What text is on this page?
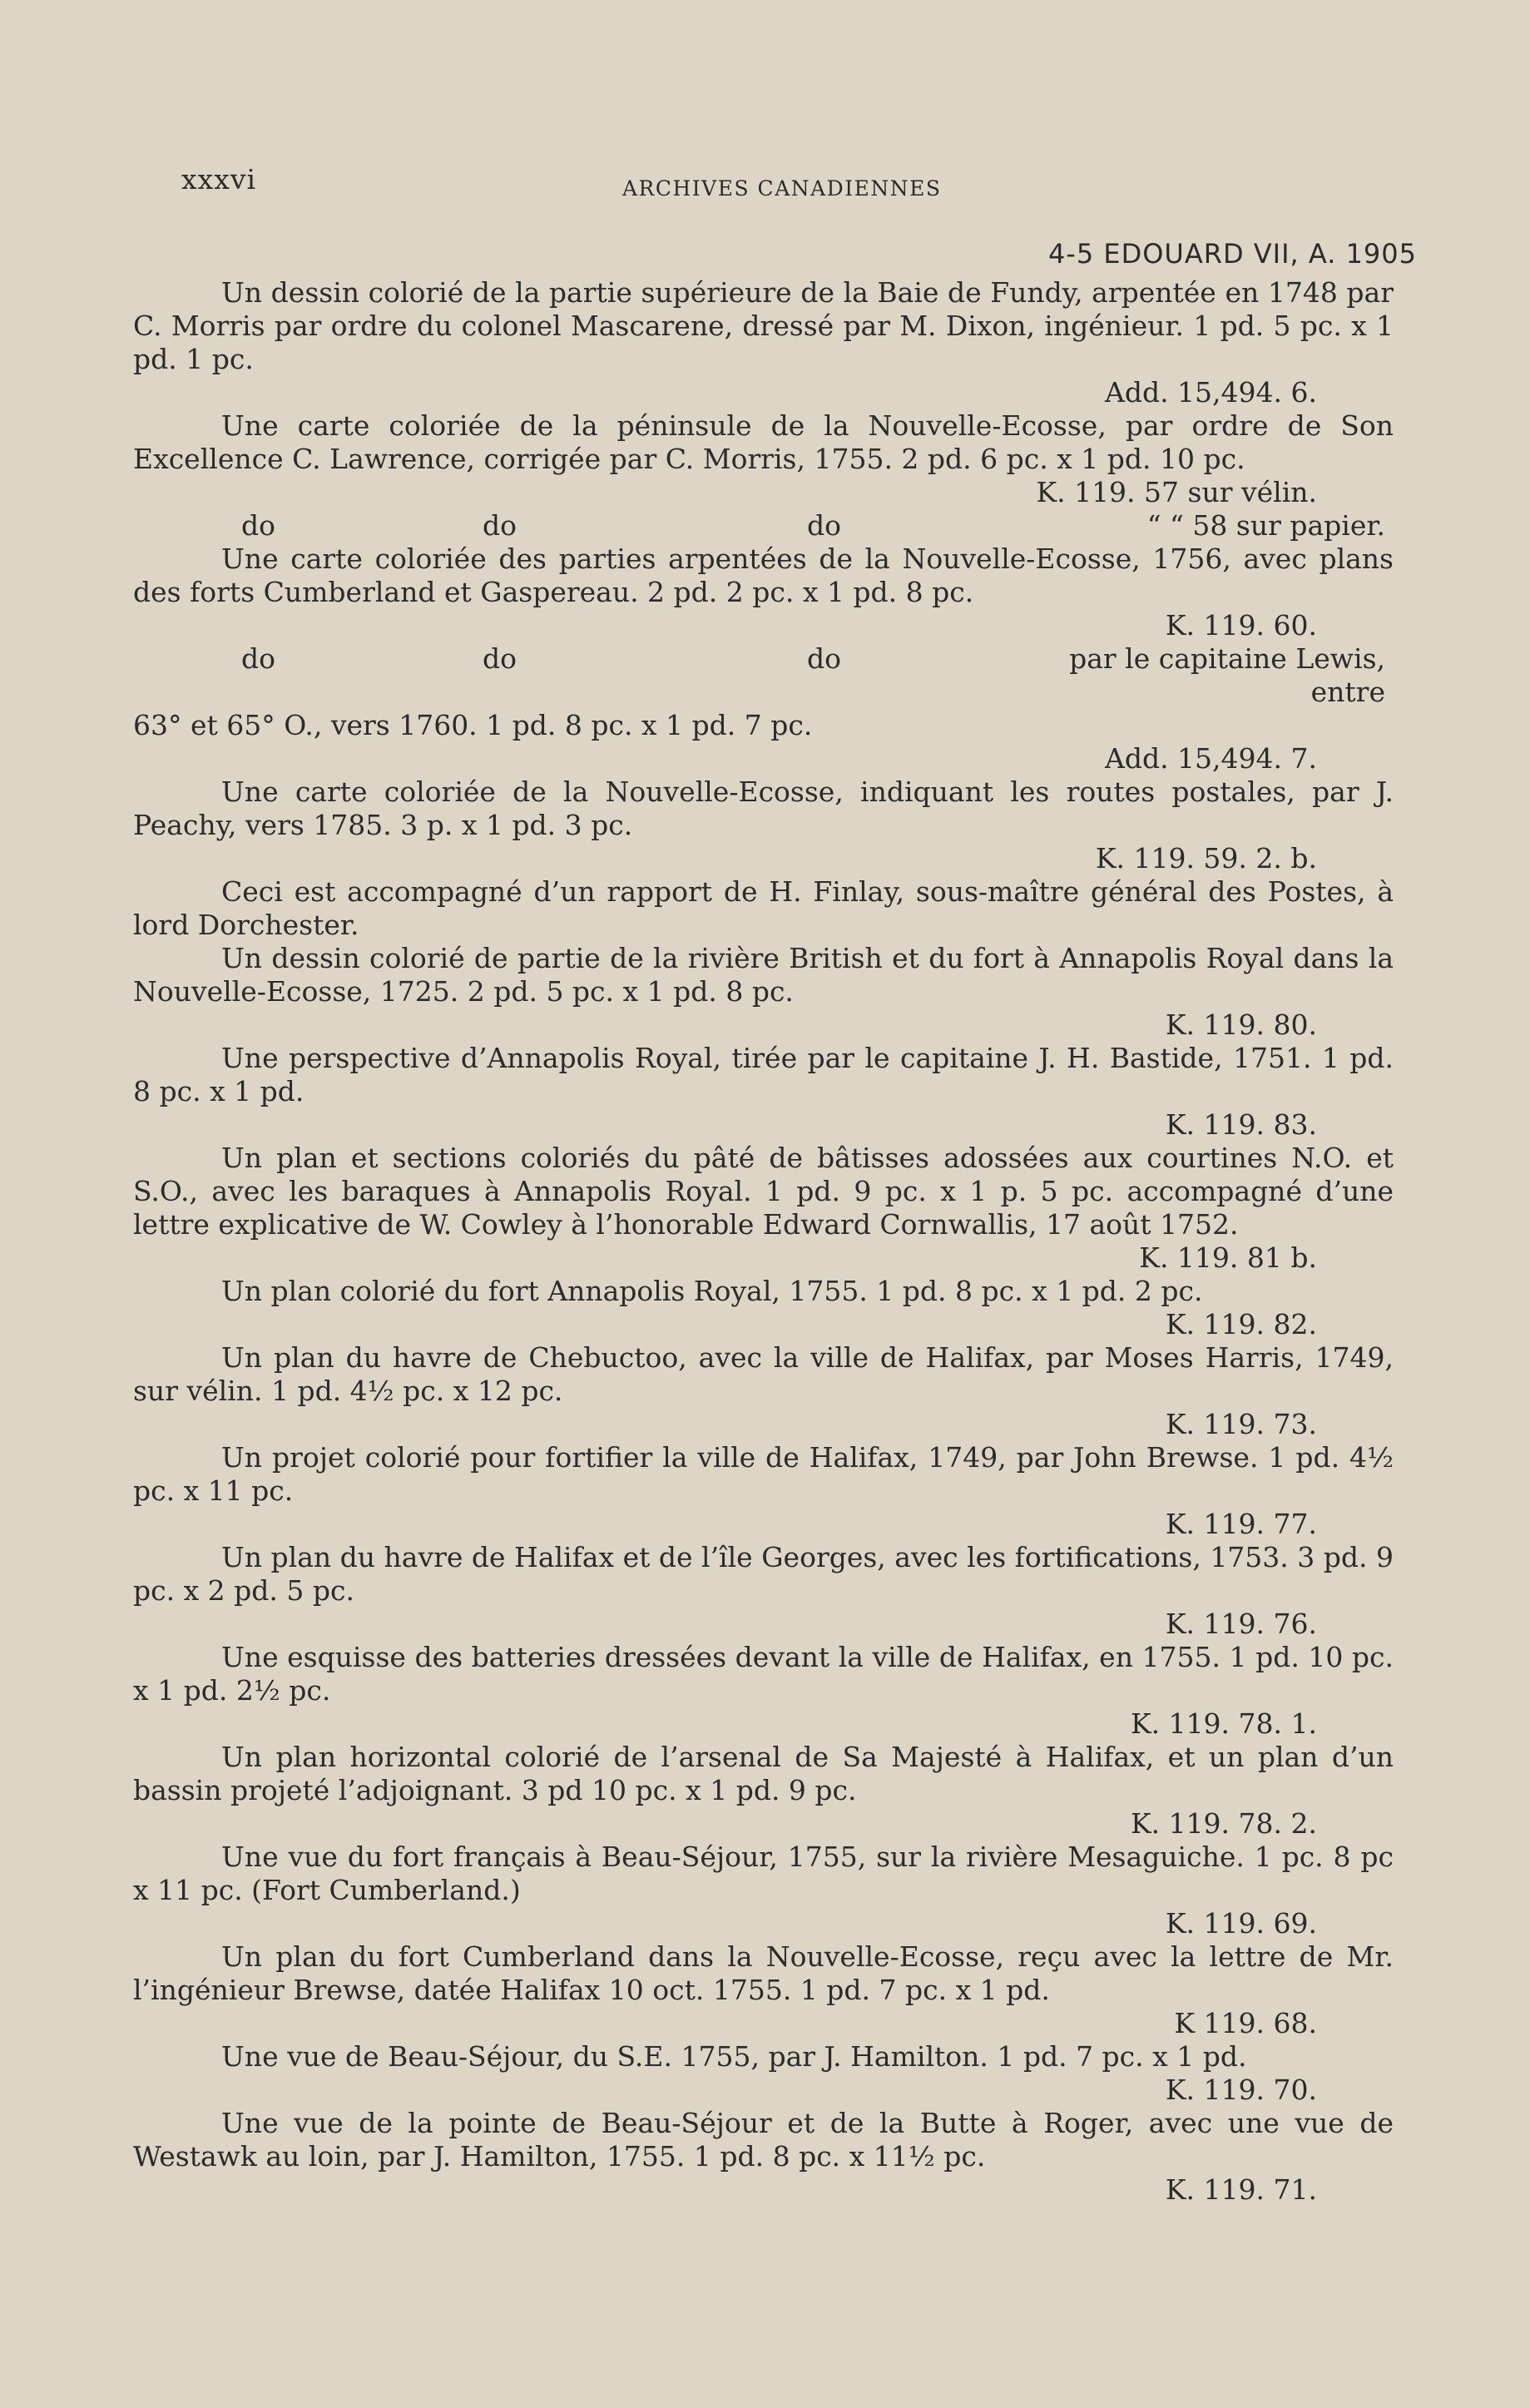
xxxvi	ARCHIVES CANADIENNES
4-5 EDOUARD VII, A. 1905

Un dessin colorié de la partie supérieure de la Baie de Fundy, arpentée en 1748 par C. Morris par ordre du colonel Mascarene, dressé par M. Dixon, ingénieur. 1 pd. 5 pc. x 1 pd. 1 pc.

Add. 15,494. 6.

Une carte coloriée de la péninsule de la Nouvelle-Ecosse, par ordre de Son Excellence C. Lawrence, corrigée par C. Morris, 1755. 2 pd. 6 pc. x 1 pd. 10 pc.

K. 119. 57 sur vélin.

do	do	do	“ “ 58 sur papier.

Une carte coloriée des parties arpentées de la Nouvelle-Ecosse, 1756, avec plans des forts Cumberland et Gaspereau. 2 pd. 2 pc. x 1 pd. 8 pc.

K. 119. 60.

do	do	do	par le capitaine Lewis, entre

63° et 65° O., vers 1760. 1 pd. 8 pc. x 1 pd. 7 pc.

Add. 15,494. 7.

Une carte coloriée de la Nouvelle-Ecosse, indiquant les routes postales, par J. Peachy, vers 1785. 3 p. x 1 pd. 3 pc.

K. 119. 59. 2. b.

Ceci est accompagné d’un rapport de H. Finlay, sous-maître général des Postes, à lord Dorchester.

Un dessin colorié de partie de la rivière British et du fort à Annapolis Royal dans la Nouvelle-Ecosse, 1725. 2 pd. 5 pc. x 1 pd. 8 pc.

K. 119. 80.

Une perspective d’Annapolis Royal, tirée par le capitaine J. H. Bastide, 1751. 1 pd. 8 pc. x 1 pd.

K. 119. 83.

Un plan et sections coloriés du pâté de bâtisses adossées aux courtines N.O. et S.O., avec les baraques à Annapolis Royal. 1 pd. 9 pc. x 1 p. 5 pc. accompagné d’une lettre explicative de W. Cowley à l’honorable Edward Cornwallis, 17 août 1752.

K. 119. 81 b.

Un plan colorié du fort Annapolis Royal, 1755. 1 pd. 8 pc. x 1 pd. 2 pc.

K. 119. 82.

Un plan du havre de Chebuctoo, avec la ville de Halifax, par Moses Harris, 1749, sur vélin. 1 pd. 4½ pc. x 12 pc.

K. 119. 73.

Un projet colorié pour fortifier la ville de Halifax, 1749, par John Brewse. 1 pd. 4½ pc. x 11 pc.

K. 119. 77.

Un plan du havre de Halifax et de l’île Georges, avec les fortifications, 1753. 3 pd. 9 pc. x 2 pd. 5 pc.

K. 119. 76.

Une esquisse des batteries dressées devant la ville de Halifax, en 1755. 1 pd. 10 pc. x 1 pd. 2½ pc.

K. 119. 78. 1.

Un plan horizontal colorié de l’arsenal de Sa Majesté à Halifax, et un plan d’un bassin projeté l’adjoignant. 3 pd 10 pc. x 1 pd. 9 pc.

K. 119. 78. 2.

Une vue du fort français à Beau-Séjour, 1755, sur la rivière Mesaguiche. 1 pc. 8 pc x 11 pc. (Fort Cumberland.)

K. 119. 69.

Un plan du fort Cumberland dans la Nouvelle-Ecosse, reçu avec la lettre de Mr. l’ingénieur Brewse, datée Halifax 10 oct. 1755. 1 pd. 7 pc. x 1 pd.

K 119. 68.

Une vue de Beau-Séjour, du S.E. 1755, par J. Hamilton. 1 pd. 7 pc. x 1 pd.

K. 119. 70.

Une vue de la pointe de Beau-Séjour et de la Butte à Roger, avec une vue de Westawk au loin, par J. Hamilton, 1755. 1 pd. 8 pc. x 11½ pc.

K. 119. 71.
